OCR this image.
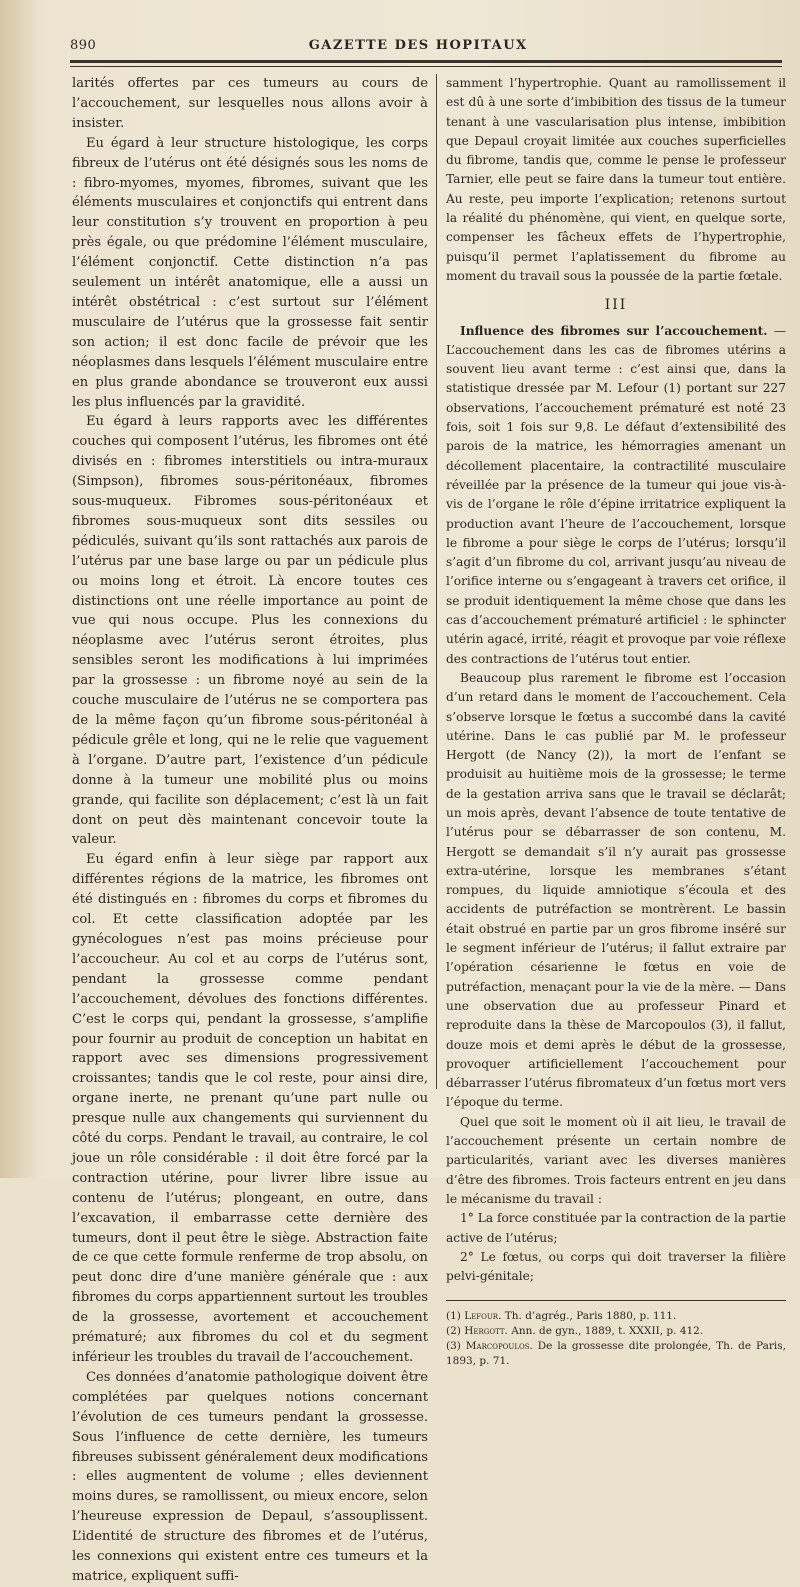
890	GAZETTE DES HOPITAUX

larités offertes par ces tumeurs au cours de l’accouchement, sur lesquelles nous allons avoir à insister.

Eu égard à leur structure histologique, les corps fibreux de l’utérus ont été désignés sous les noms de : fibro-myomes, myomes, fibromes, suivant que les éléments musculaires et conjonctifs qui entrent dans leur constitution s’y trouvent en proportion à peu près égale, ou que prédomine l’élément musculaire, l’élément conjonctif. Cette distinction n’a pas seulement un intérêt anatomique, elle a aussi un intérêt obstétrical : c’est surtout sur l’élément musculaire de l’utérus que la grossesse fait sentir son action; il est donc facile de prévoir que les néoplasmes dans lesquels l’élément musculaire entre en plus grande abondance se trouveront eux aussi les plus influencés par la gravidité.

Eu égard à leurs rapports avec les différentes couches qui composent l’utérus, les fibromes ont été divisés en : fibromes interstitiels ou intra-muraux (Simpson), fibromes sous-péritonéaux, fibromes sous-muqueux. Fibromes sous-péritonéaux et fibromes sous-muqueux sont dits sessiles ou pédiculés, suivant qu’ils sont rattachés aux parois de l’utérus par une base large ou par un pédicule plus ou moins long et étroit. Là encore toutes ces distinctions ont une réelle importance au point de vue qui nous occupe. Plus les connexions du néoplasme avec l’utérus seront étroites, plus sensibles seront les modifications à lui imprimées par la grossesse : un fibrome noyé au sein de la couche musculaire de l’utérus ne se comportera pas de la même façon qu’un fibrome sous-péritonéal à pédicule grêle et long, qui ne le relie que vaguement à l’organe. D’autre part, l’existence d’un pédicule donne à la tumeur une mobilité plus ou moins grande, qui facilite son déplacement; c’est là un fait dont on peut dès maintenant concevoir toute la valeur.

Eu égard enfin à leur siège par rapport aux différentes régions de la matrice, les fibromes ont été distingués en : fibromes du corps et fibromes du col. Et cette classification adoptée par les gynécologues n’est pas moins précieuse pour l’accoucheur. Au col et au corps de l’utérus sont, pendant la grossesse comme pendant l’accouchement, dévolues des fonctions différentes. C’est le corps qui, pendant la grossesse, s’amplifie pour fournir au produit de conception un habitat en rapport avec ses dimensions progressivement croissantes; tandis que le col reste, pour ainsi dire, organe inerte, ne prenant qu’une part nulle ou presque nulle aux changements qui surviennent du côté du corps. Pendant le travail, au contraire, le col joue un rôle considérable : il doit être forcé par la contraction utérine, pour livrer libre issue au contenu de l’utérus; plongeant, en outre, dans l’excavation, il embarrasse cette dernière des tumeurs, dont il peut être le siège. Abstraction faite de ce que cette formule renferme de trop absolu, on peut donc dire d’une manière générale que : aux fibromes du corps appartiennent surtout les troubles de la grossesse, avortement et accouchement prématuré; aux fibromes du col et du segment inférieur les troubles du travail de l’accouchement.

Ces données d’anatomie pathologique doivent être complétées par quelques notions concernant l’évolution de ces tumeurs pendant la grossesse. Sous l’influence de cette dernière, les tumeurs fibreuses subissent généralement deux modifications : elles augmentent de volume ; elles deviennent moins dures, se ramollissent, ou mieux encore, selon l’heureuse expression de Depaul, s’assouplissent. L’identité de structure des fibromes et de l’utérus, les connexions qui existent entre ces tumeurs et la matrice, expliquent suffi-

samment l’hypertrophie. Quant au ramollissement il est dû à une sorte d’imbibition des tissus de la tumeur tenant à une vascularisation plus intense, imbibition que Depaul croyait limitée aux couches superficielles du fibrome, tandis que, comme le pense le professeur Tarnier, elle peut se faire dans la tumeur tout entière. Au reste, peu importe l’explication; retenons surtout la réalité du phénomène, qui vient, en quelque sorte, compenser les fâcheux effets de l’hypertrophie, puisqu’il permet l’aplatissement du fibrome au moment du travail sous la poussée de la partie fœtale.

III

Influence des fibromes sur l’accouchement. — L’accouchement dans les cas de fibromes utérins a souvent lieu avant terme : c’est ainsi que, dans la statistique dressée par M. Lefour (1) portant sur 227 observations, l’accouchement prématuré est noté 23 fois, soit 1 fois sur 9,8. Le défaut d’extensibilité des parois de la matrice, les hémorragies amenant un décollement placentaire, la contractilité musculaire réveillée par la présence de la tumeur qui joue vis-à-vis de l’organe le rôle d’épine irritatrice expliquent la production avant l’heure de l’accouchement, lorsque le fibrome a pour siège le corps de l’utérus; lorsqu’il s’agit d’un fibrome du col, arrivant jusqu’au niveau de l’orifice interne ou s’engageant à travers cet orifice, il se produit identiquement la même chose que dans les cas d’accouchement prématuré artificiel : le sphincter utérin agacé, irrité, réagit et provoque par voie réflexe des contractions de l’utérus tout entier.

Beaucoup plus rarement le fibrome est l’occasion d’un retard dans le moment de l’accouchement. Cela s’observe lorsque le fœtus a succombé dans la cavité utérine. Dans le cas publié par M. le professeur Hergott (de Nancy (2)), la mort de l’enfant se produisit au huitième mois de la grossesse; le terme de la gestation arriva sans que le travail se déclarât; un mois après, devant l’absence de toute tentative de l’utérus pour se débarrasser de son contenu, M. Hergott se demandait s’il n’y aurait pas grossesse extra-utérine, lorsque les membranes s’étant rompues, du liquide amniotique s’écoula et des accidents de putréfaction se montrèrent. Le bassin était obstrué en partie par un gros fibrome inséré sur le segment inférieur de l’utérus; il fallut extraire par l’opération césarienne le fœtus en voie de putréfaction, menaçant pour la vie de la mère. — Dans une observation due au professeur Pinard et reproduite dans la thèse de Marcopoulos (3), il fallut, douze mois et demi après le début de la grossesse, provoquer artificiellement l’accouchement pour débarrasser l’utérus fibromateux d’un fœtus mort vers l’époque du terme.

Quel que soit le moment où il ait lieu, le travail de l’accouchement présente un certain nombre de particularités, variant avec les diverses manières d’être des fibromes. Trois facteurs entrent en jeu dans le mécanisme du travail :

1° La force constituée par la contraction de la partie active de l’utérus;

2° Le fœtus, ou corps qui doit traverser la filière pelvi-génitale;

(1) Lefour. Th. d’agrég., Paris 1880, p. 111.

(2) Hergott. Ann. de gyn., 1889, t. XXXII, p. 412.

(3) Marcopoulos. De la grossesse dite prolongée, Th. de Paris, 1893, p. 71.
